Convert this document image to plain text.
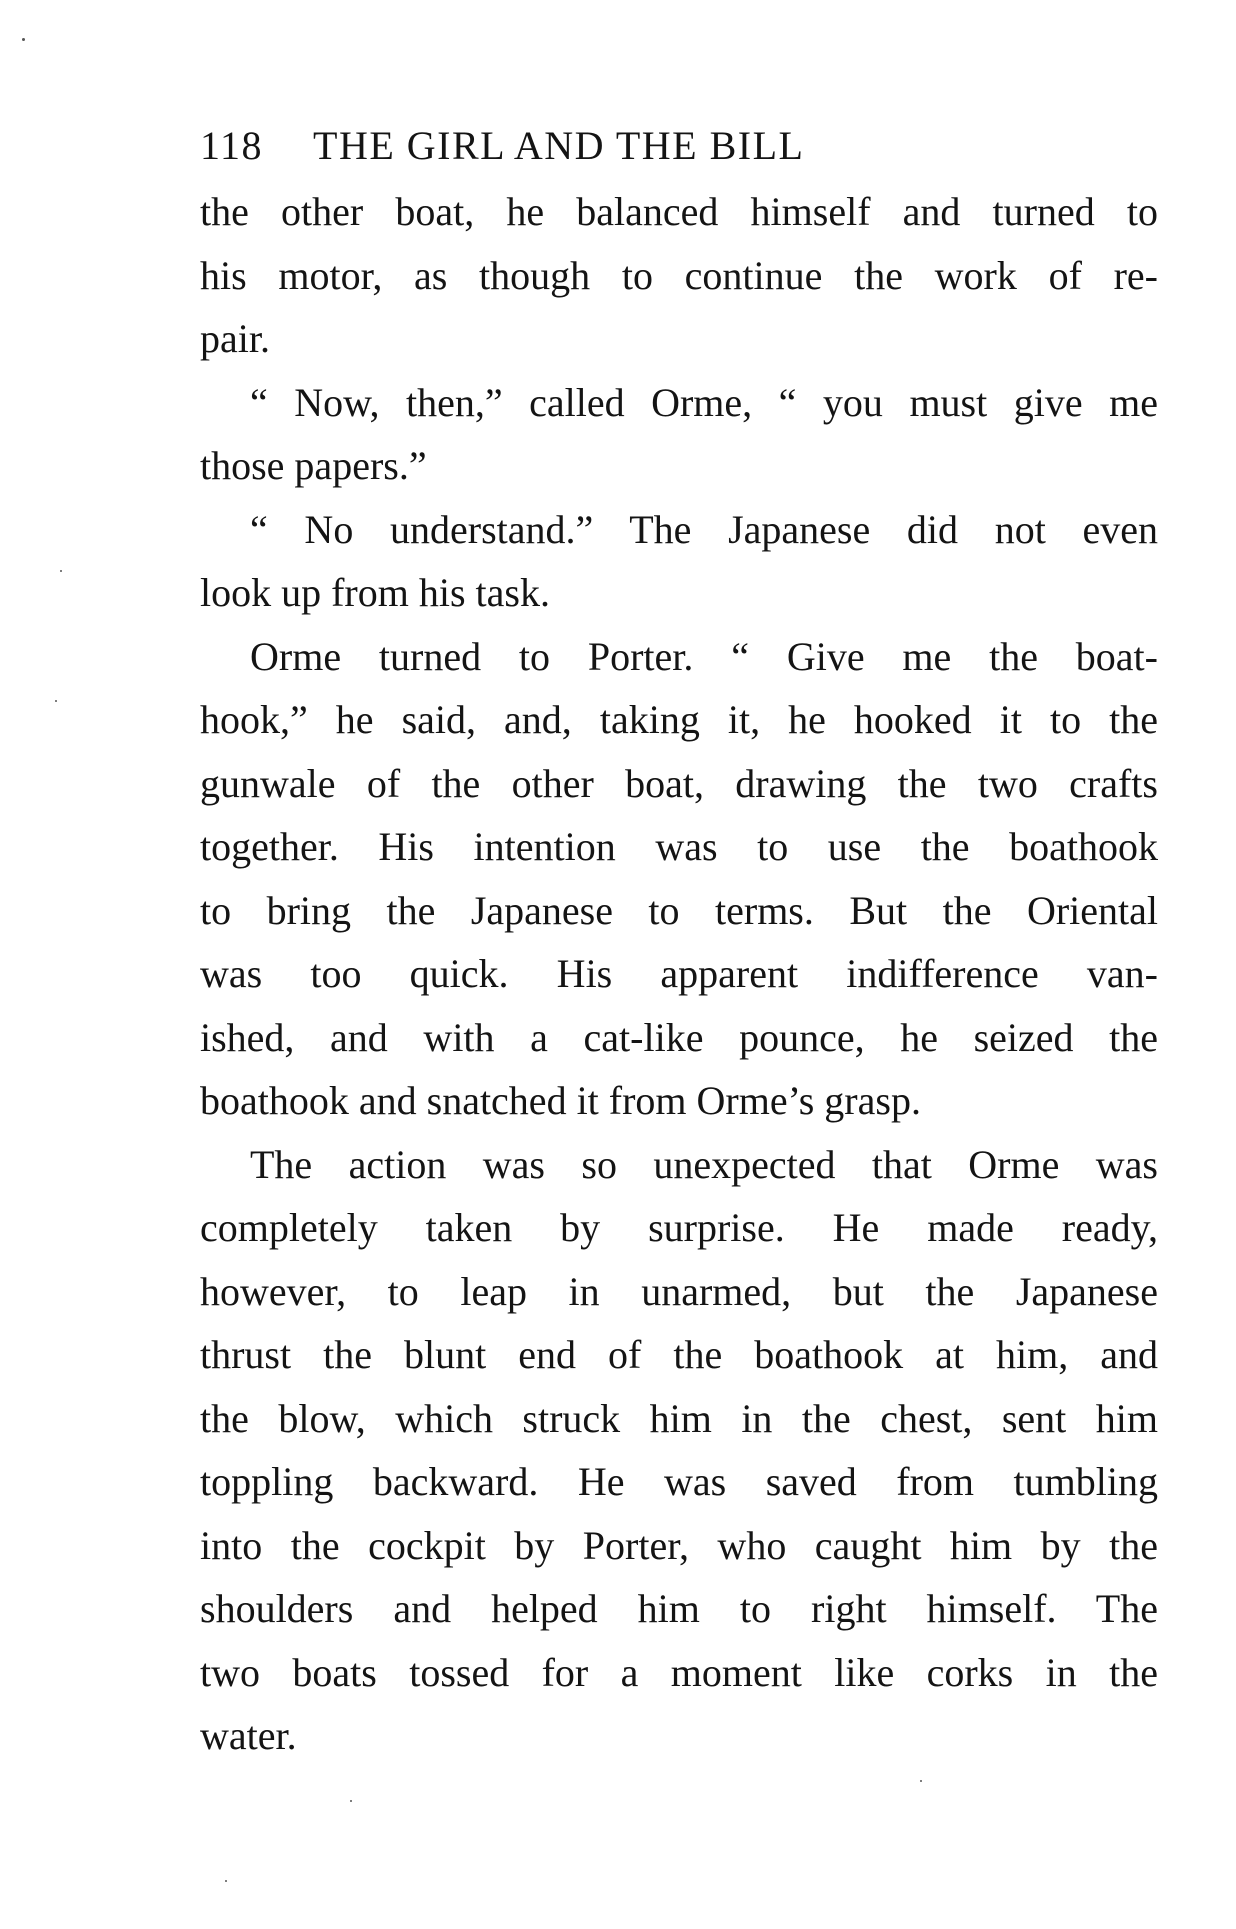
118 THE GIRL AND THE BILL
the other boat, he balanced himself and turned to
his motor, as though to continue the work of re-
pair.
“ Now, then,” called Orme, “ you must give me
those papers.”
“ No understand.” The Japanese did not even
look up from his task.
Orme turned to Porter. “ Give me the boat-
hook,” he said, and, taking it, he hooked it to the
gunwale of the other boat, drawing the two crafts
together. His intention was to use the boathook
to bring the Japanese to terms. But the Oriental
was too quick. His apparent indifference van-
ished, and with a cat-like pounce, he seized the
boathook and snatched it from Orme’s grasp.
The action was so unexpected that Orme was
completely taken by surprise. He made ready,
however, to leap in unarmed, but the Japanese
thrust the blunt end of the boathook at him, and
the blow, which struck him in the chest, sent him
toppling backward. He was saved from tumbling
into the cockpit by Porter, who caught him by the
shoulders and helped him to right himself. The
two boats tossed for a moment like corks in the
water.
